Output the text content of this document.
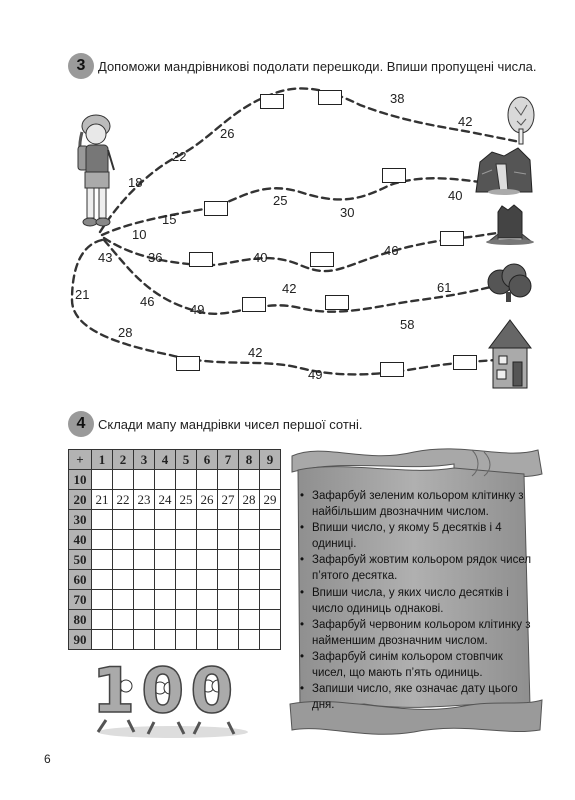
3 Допоможи мандрівникові подолати перешкоди. Впиши пропущені числа.
38
42
26
22
18
25
30
40
15
10
43	36	40	46
21	42	61
46
49
58
28
42
49
4 Склади мапу мандрівки чисел першої сотні.
+	1	2	3	4	5	6	7	8	9
10									
20	21	22	23	24	25	26	27	28	29
30									
40									
50									
60									
70									
80									
90									
• Зафарбуй зеленим кольором клітинку з найбільшим двозначним числом.
• Впиши число, у якому 5 десятків і 4 одиниці.
• Зафарбуй жовтим кольором рядок чисел п’ятого десятка.
• Впиши числа, у яких число десятків і число одиниць однакові.
• Зафарбуй червоним кольором клітинку з найменшим двозначним числом.
• Зафарбуй синім кольором стовпчик чисел, що мають п’ять одиниць.
• Запиши число, яке означає дату цього дня.
100
6
